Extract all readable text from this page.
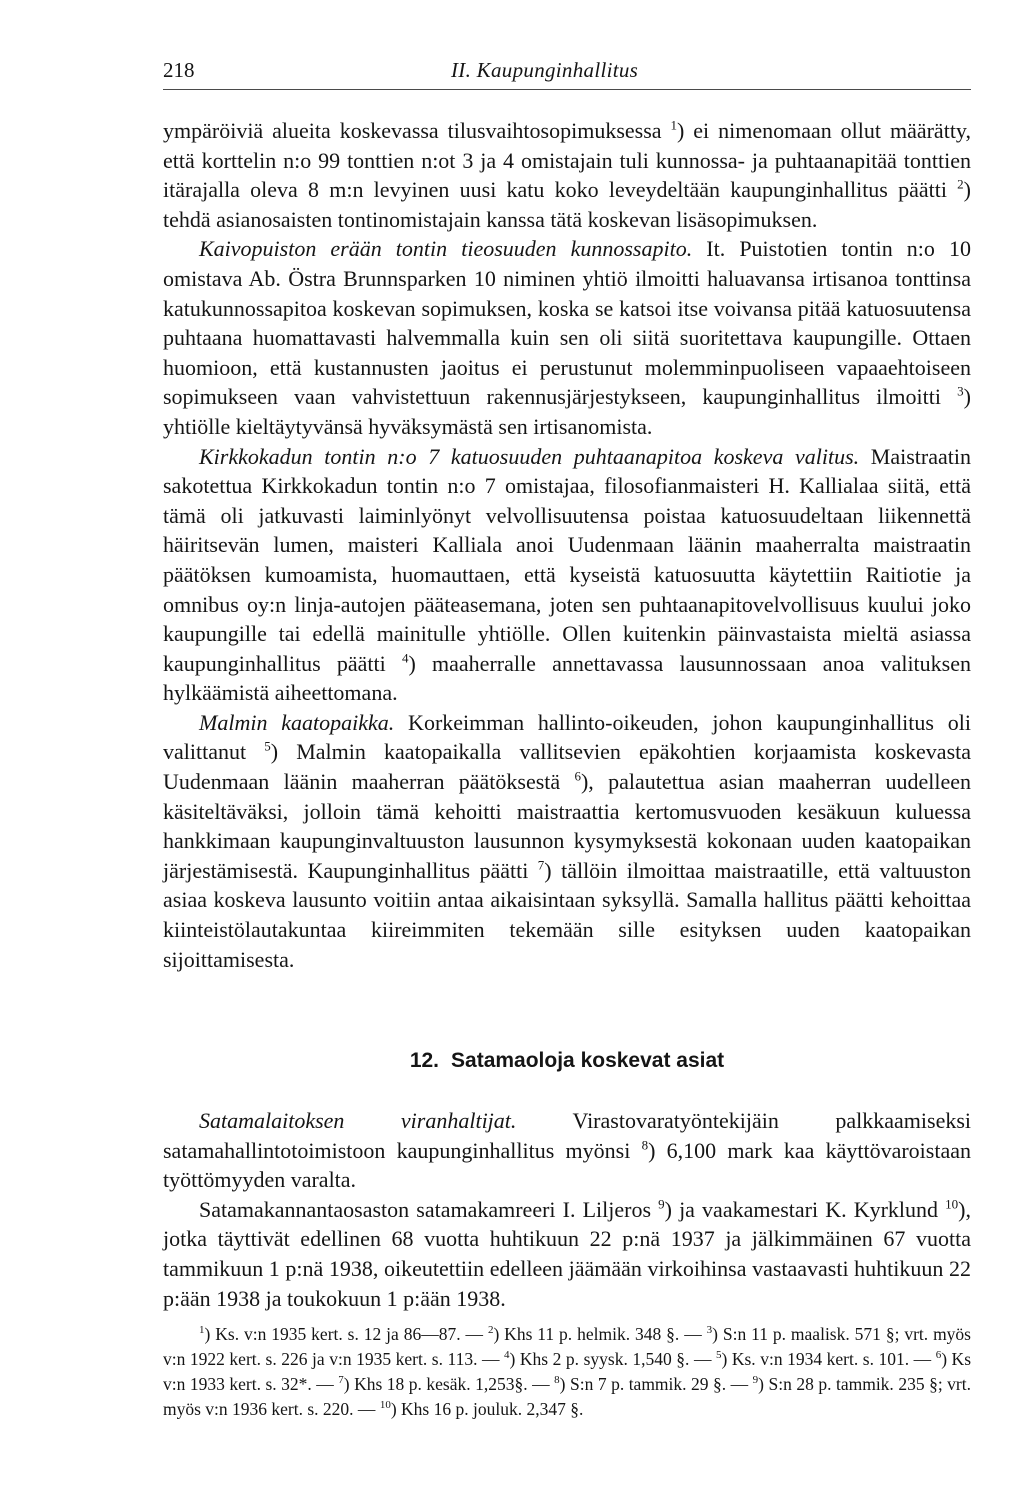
218	II. Kaupunginhallitus

ympäröiviä alueita koskevassa tilusvaihtosopimuksessa $^1$) ei nimenomaan ollut määrätty, että korttelin n:o 99 tonttien n:ot 3 ja 4 omistajain tuli kunnossa- ja puhtaanapitää tonttien itärajalla oleva 8 m:n levyinen uusi katu koko leveydeltään kaupunginhallitus päätti $^2$) tehdä asianosaisten tontinomistajain kanssa tätä koskevan lisäsopimuksen.

Kaivopuiston erään tontin tieosuuden kunnossapito. It. Puistotien tontin n:o 10 omistava Ab. Östra Brunnsparken 10 niminen yhtiö ilmoitti haluavansa irtisanoa tonttinsa katukunnossapitoa koskevan sopimuksen, koska se katsoi itse voivansa pitää katuosuutensa puhtaana huomattavasti halvemmalla kuin sen oli siitä suoritettava kaupungille. Ottaen huomioon, että kustannusten jaoitus ei perustunut molemminpuoliseen vapaaehtoiseen sopimukseen vaan vahvistettuun rakennusjärjestykseen, kaupunginhallitus ilmoitti $^3$) yhtiölle kieltäytyvänsä hyväksymästä sen irtisanomista.

Kirkkokadun tontin n:o 7 katuosuuden puhtaanapitoa koskeva valitus. Maistraatin sakotettua Kirkkokadun tontin n:o 7 omistajaa, filosofianmaisteri H. Kallialaa siitä, että tämä oli jatkuvasti laiminlyönyt velvollisuutensa poistaa katuosuudeltaan liikennettä häiritsevän lumen, maisteri Kalliala anoi Uudenmaan läänin maaherralta maistraatin päätöksen kumoamista, huomauttaen, että kyseistä katuosuutta käytettiin Raitiotie ja omnibus oy:n linja-autojen pääteasemana, joten sen puhtaanapitovelvollisuus kuului joko kaupungille tai edellä mainitulle yhtiölle. Ollen kuitenkin päinvastaista mieltä asiassa kaupunginhallitus päätti $^4$) maaherralle annettavassa lausunnossaan anoa valituksen hylkäämistä aiheettomana.

Malmin kaatopaikka. Korkeimman hallinto-oikeuden, johon kaupunginhallitus oli valittanut $^5$) Malmin kaatopaikalla vallitsevien epäkohtien korjaamista koskevasta Uudenmaan läänin maaherran päätöksestä $^6$), palautettua asian maaherran uudelleen käsiteltäväksi, jolloin tämä kehoitti maistraattia kertomusvuoden kesäkuun kuluessa hankkimaan kaupunginvaltuuston lausunnon kysymyksestä kokonaan uuden kaatopaikan järjestämisestä. Kaupunginhallitus päätti $^7$) tällöin ilmoittaa maistraatille, että valtuuston asiaa koskeva lausunto voitiin antaa aikaisintaan syksyllä. Samalla hallitus päätti kehoittaa kiinteistölautakuntaa kiireimmiten tekemään sille esityksen uuden kaatopaikan sijoittamisesta.

12. Satamaoloja koskevat asiat

Satamalaitoksen viranhaltijat. Virastovaratyöntekijäin palkkaamiseksi satamahallintotoimistoon kaupunginhallitus myönsi $^8$) 6,100 mark kaa käyttövaroistaan työttömyyden varalta.

Satamakannantaosaston satamakamreeri I. Liljeros $^9$) ja vaakamestari K. Kyrklund $^{10}$), jotka täyttivät edellinen 68 vuotta huhtikuun 22 p:nä 1937 ja jälkimmäinen 67 vuotta tammikuun 1 p:nä 1938, oikeutettiin edelleen jäämään virkoihinsa vastaavasti huhtikuun 22 p:ään 1938 ja toukokuun 1 p:ään 1938.

$^1$) Ks. v:n 1935 kert. s. 12 ja 86—87. — $^2$) Khs 11 p. helmik. 348 §. — $^3$) S:n 11 p. maalisk. 571 §; vrt. myös v:n 1922 kert. s. 226 ja v:n 1935 kert. s. 113. — $^4$) Khs 2 p. syysk. 1,540 §. — $^5$) Ks. v:n 1934 kert. s. 101. — $^6$) Ks v:n 1933 kert. s. 32*. — $^7$) Khs 18 p. kesäk. 1,253§. — $^8$) S:n 7 p. tammik. 29 §. — $^9$) S:n 28 p. tammik. 235 §; vrt. myös v:n 1936 kert. s. 220. — $^{10}$) Khs 16 p. jouluk. 2,347 §.
